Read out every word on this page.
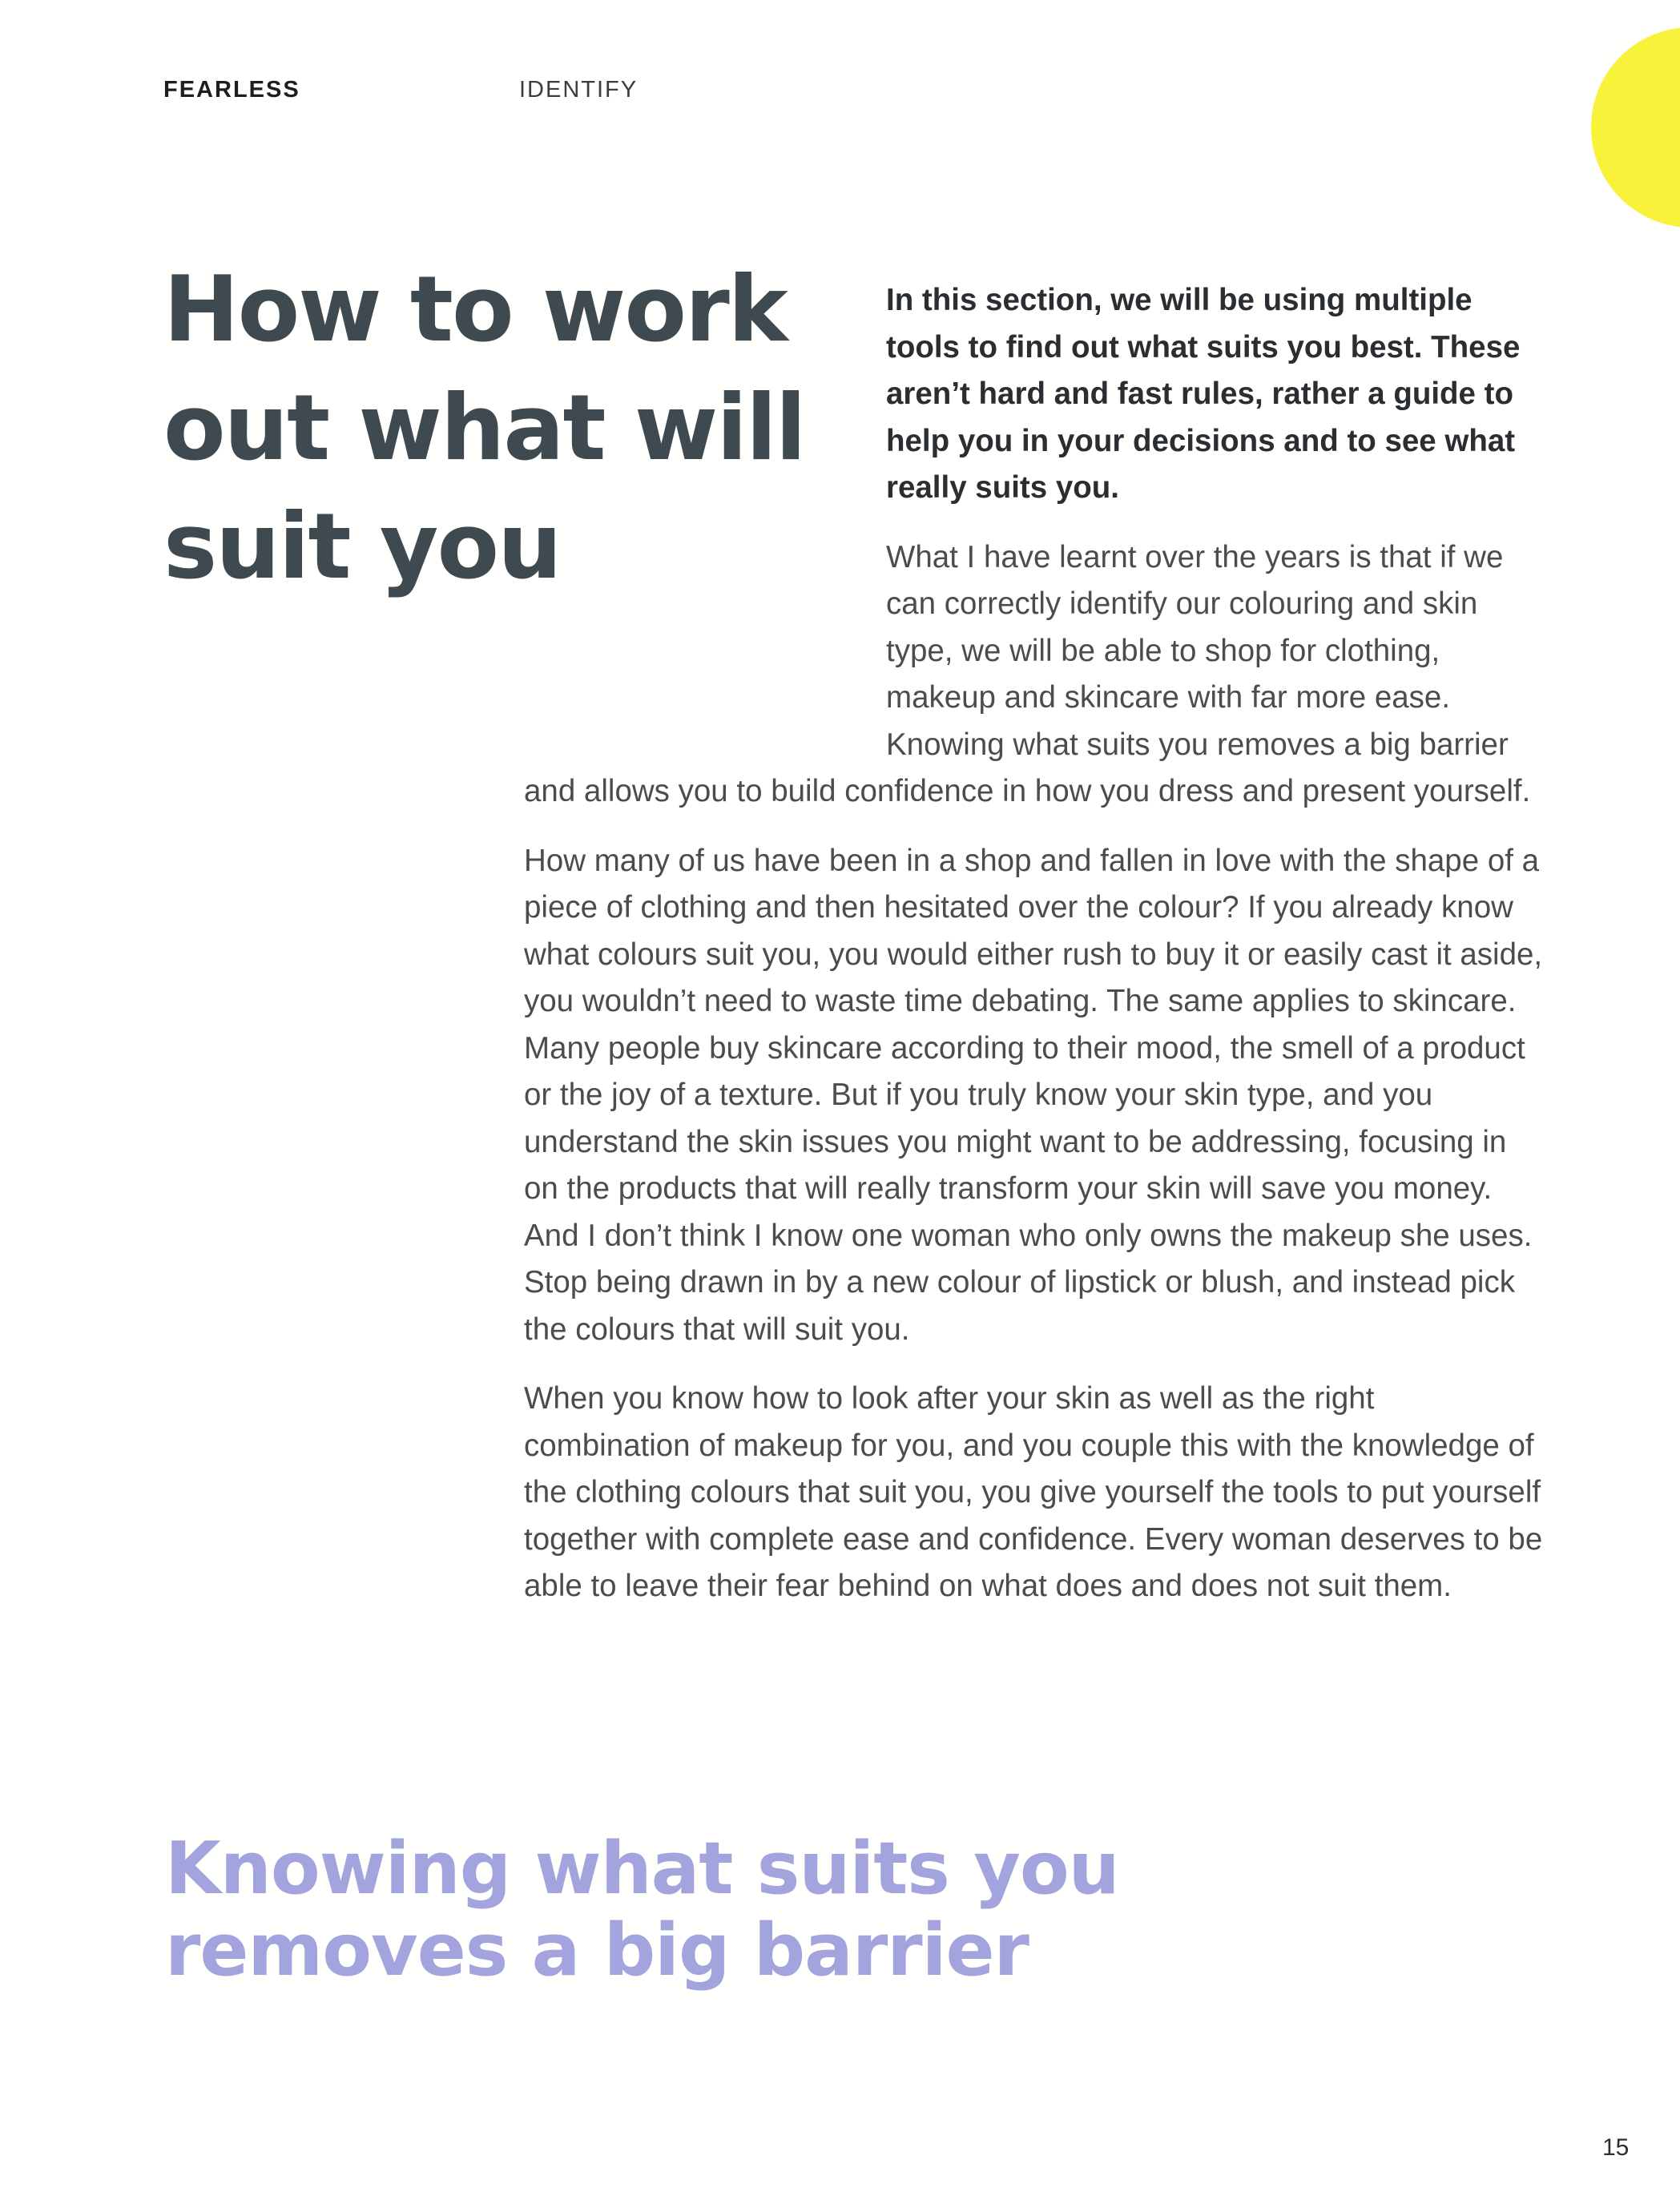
FEARLESS	IDENTIFY
How to work out what will suit you

In this section, we will be using multiple tools to find out what suits you best. These aren’t hard and fast rules, rather a guide to help you in your decisions and to see what really suits you.

What I have learnt over the years is that if we can correctly identify our colouring and skin type, we will be able to shop for clothing, makeup and skincare with far more ease. Knowing what suits you removes a big barrier and allows you to build confidence in how you dress and present yourself.

How many of us have been in a shop and fallen in love with the shape of a piece of clothing and then hesitated over the colour? If you already know what colours suit you, you would either rush to buy it or easily cast it aside, you wouldn’t need to waste time debating. The same applies to skincare. Many people buy skincare according to their mood, the smell of a product or the joy of a texture. But if you truly know your skin type, and you understand the skin issues you might want to be addressing, focusing in on the products that will really transform your skin will save you money. And I don’t think I know one woman who only owns the makeup she uses. Stop being drawn in by a new colour of lipstick or blush, and instead pick the colours that will suit you.

When you know how to look after your skin as well as the right combination of makeup for you, and you couple this with the knowledge of the clothing colours that suit you, you give yourself the tools to put yourself together with complete ease and confidence. Every woman deserves to be able to leave their fear behind on what does and does not suit them.

Knowing what suits you removes a big barrier
15
